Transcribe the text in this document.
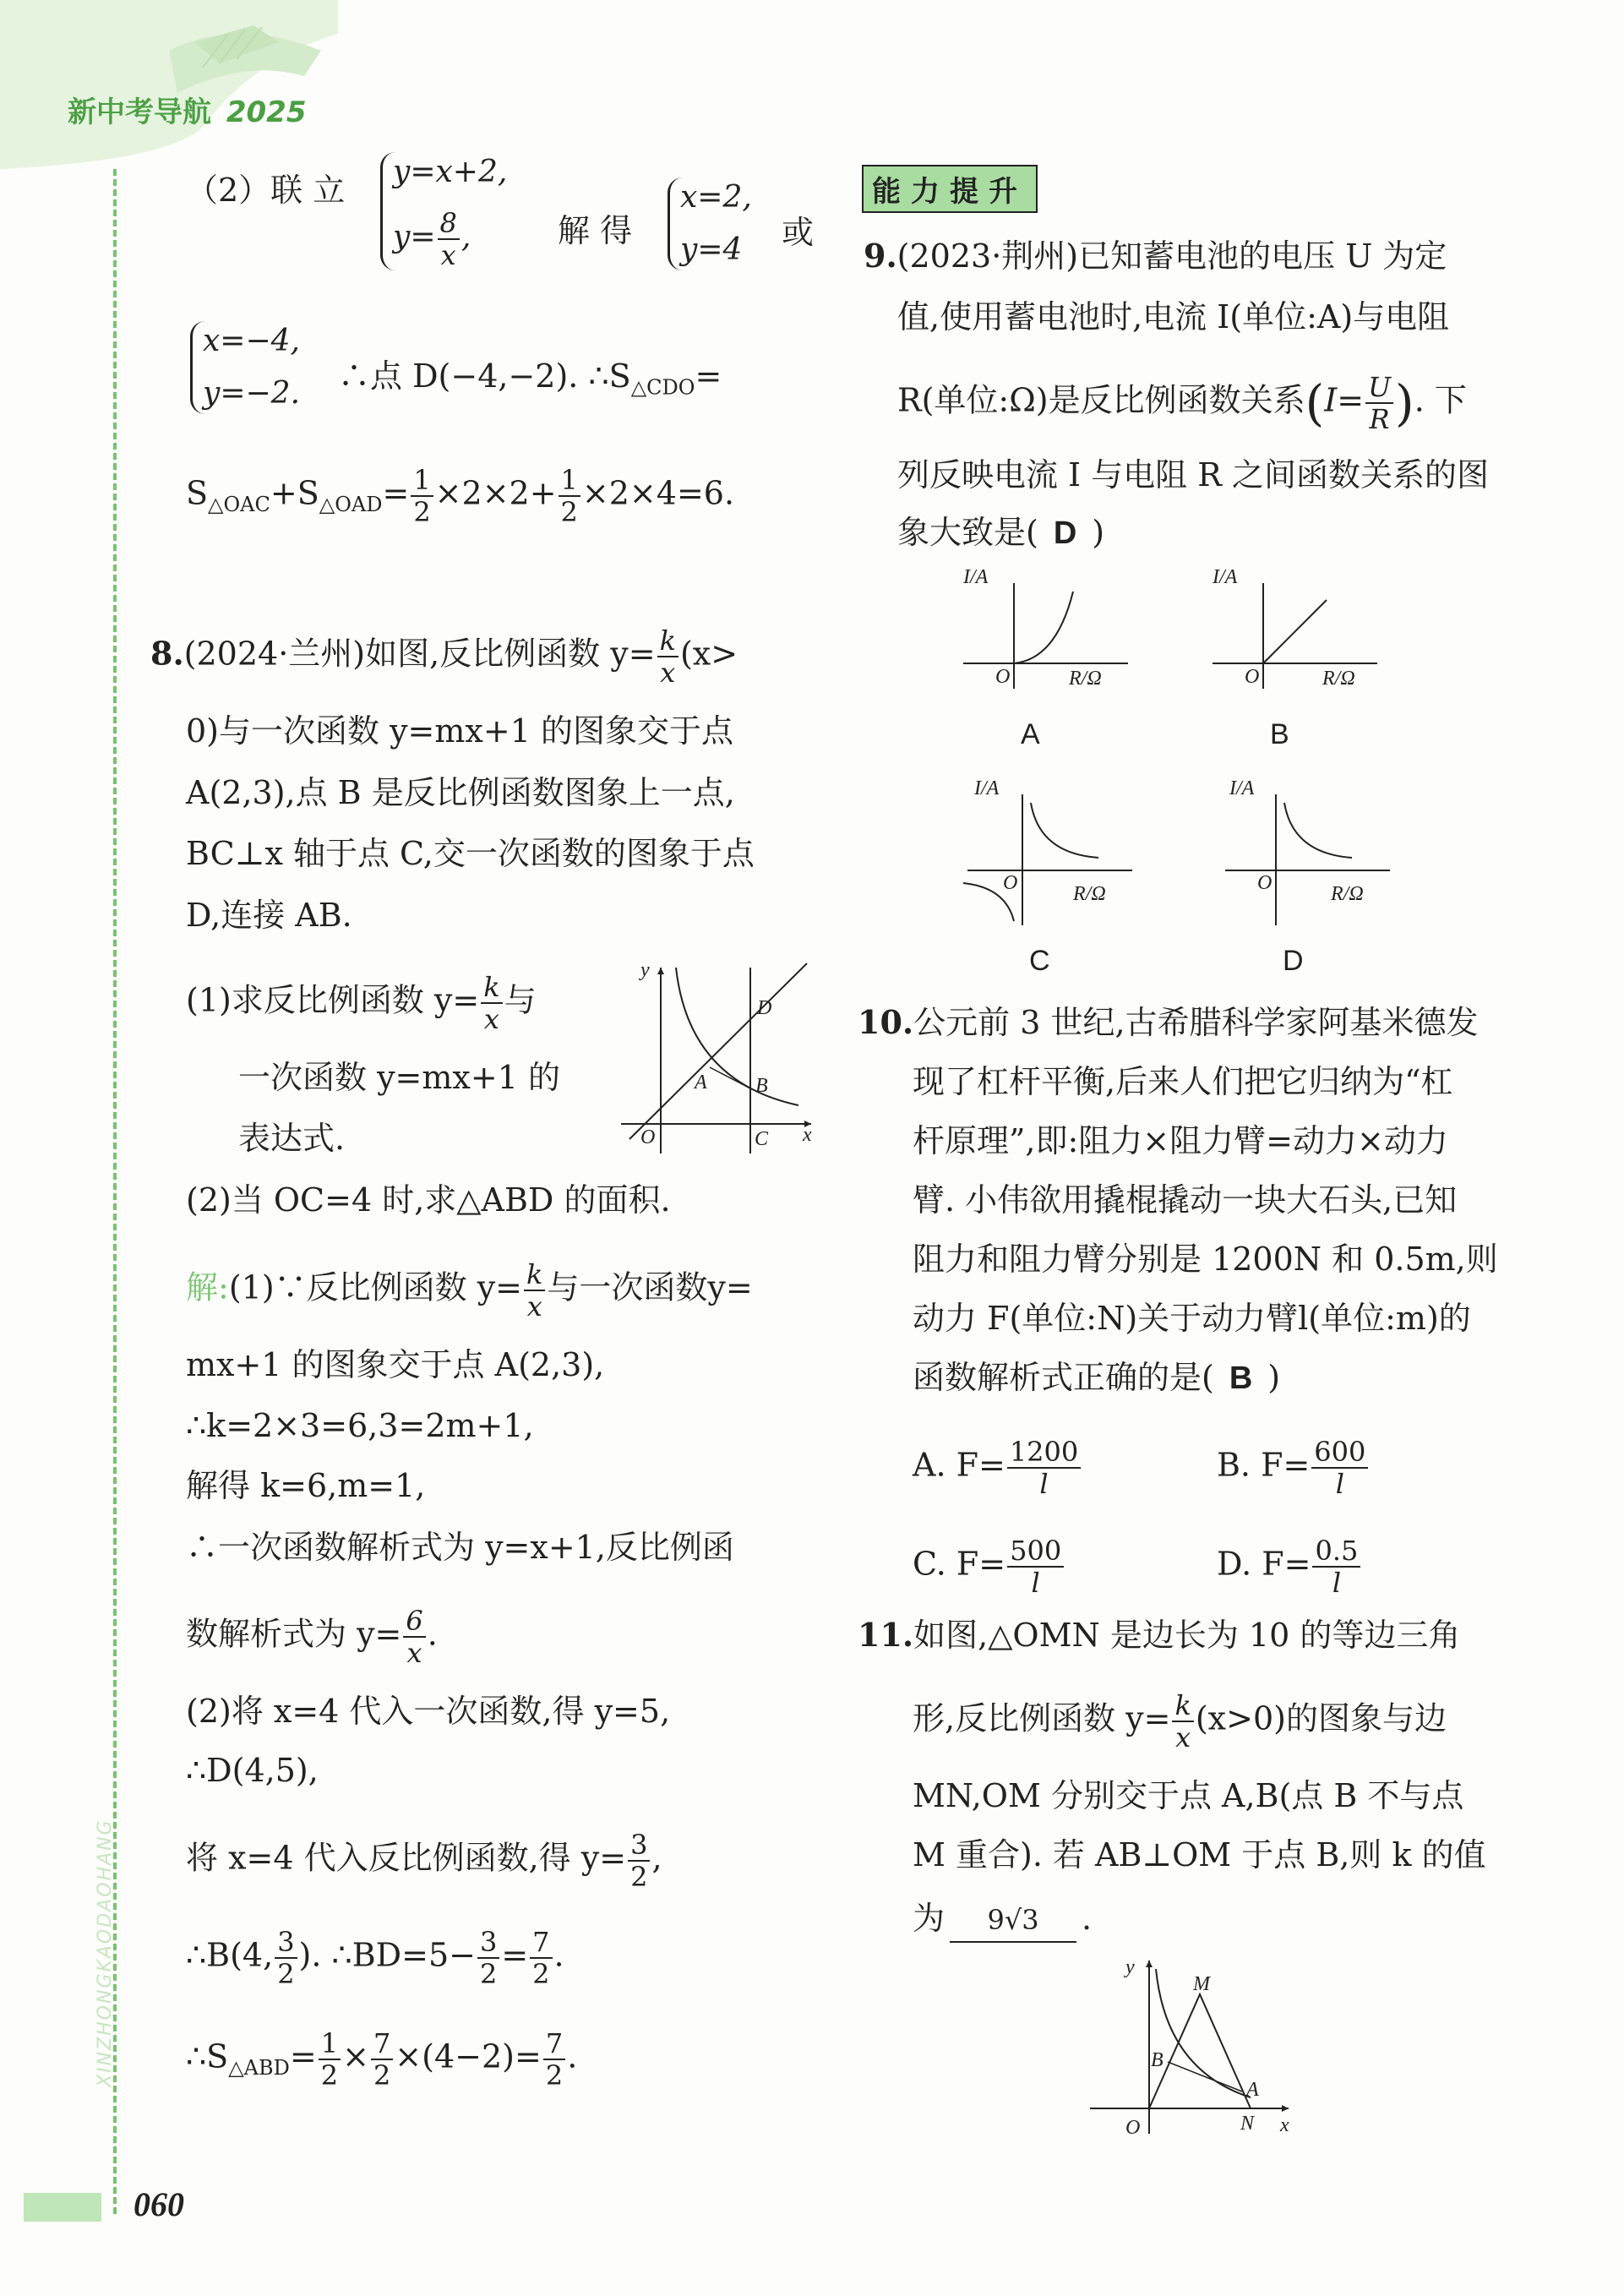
新中考导航 2025
XINZHONGKAODAOHANG
060
（2）联 立 y=x+2,
$y= \frac{8}{x}$ ,	解 得
x=2,
y=4	或
x=−4,
y=−2. ∴点 D(−4,−2). $\therefore S_{\triangle CDO}=$
$S_{\triangle OAC}+S_{\triangle OAD}= \frac{1}{2} \times 2\times 2+ \frac{1}{2} \times 2\times 4=6$.
8.(2024·兰州)如图,反比例函数 $y= \frac{k}{x} (x>$
0)与一次函数 y=mx+1 的图象交于点
A(2,3),点 B 是反比例函数图象上一点,
BC⊥x 轴于点 C,交一次函数的图象于点
D,连接 AB.
(1)求反比例函数 $y= \frac{k}{x}$ 与
一次函数 y=mx+1 的
表达式.
(2)当 OC=4 时,求△ABD 的面积.
y
x
O
A B
C
D
解:(1)∵反比例函数 $y= \frac{k}{x}$ 与一次函数y=
mx+1 的图象交于点 A(2,3),
∴k=2×3=6,3=2m+1,
解得 k=6,m=1,
∴一次函数解析式为 y=x+1,反比例函
数解析式为 $y= \frac{6}{x}$ .
(2)将 x=4 代入一次函数,得 y=5,
∴D(4,5),
将 x=4 代入反比例函数,得 $y= \frac{3}{2}$ ,
∴B(4, $\frac{3}{2}$ ). ∴BD=5− $\frac{3}{2} = \frac{7}{2}$ .
$\therefore S_{\triangle ABD}= \frac{1}{2} \times \frac{7}{2} \times(4-2)= \frac{7}{2}$ .
能力提升
9.(2023·荆州)已知蓄电池的电压 U 为定
值,使用蓄电池时,电流 I(单位:A)与电阻
R(单位:Ω)是反比例函数关系($I= \frac{U}{R}$ ). 下
列反映电流 I 与电阻 R 之间函数关系的图
象大致是( D )
I/A
R/Ω
O
A
I/A
R/Ω
O
B
I/A
R/Ω
O
C
I/A
R/Ω
O
D
10.公元前 3 世纪,古希腊科学家阿基米德发
现了杠杆平衡,后来人们把它归纳为“杠
杆原理”,即:阻力×阻力臂=动力×动力
臂. 小伟欲用撬棍撬动一块大石头,已知
阻力和阻力臂分别是 1200N 和 0.5m,则
动力 F(单位:N)关于动力臂l(单位:m)的
函数解析式正确的是( B )
A. $F= \frac{1200}{l}$	B. $F= \frac{600}{l}$
C. $F= \frac{500}{l}$	D. $F= \frac{0.5}{l}$
11.如图,△OMN 是边长为 10 的等边三角
形,反比例函数 $y= \frac{k}{x} (x>0)$的图象与边
MN,OM 分别交于点 A,B(点 B 不与点
M 重合). 若 AB⊥OM 于点 B,则 k 的值
为 9√3 .
y
x
O
M
N
A
B
